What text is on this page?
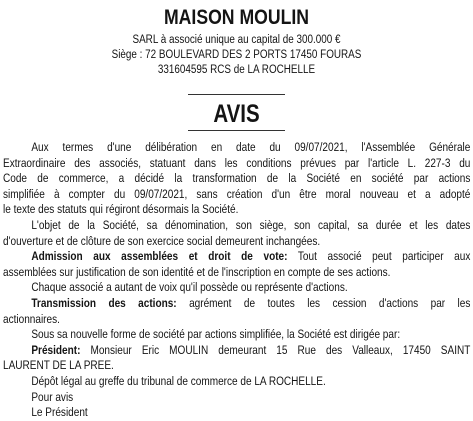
MAISON MOULIN
SARL à associé unique au capital de 300.000 €
Siège : 72 BOULEVARD DES 2 PORTS 17450 FOURAS
331604595 RCS de LA ROCHELLE
AVIS
Aux termes d'une délibération en date du 09/07/2021, l'Assemblée Générale
Extraordinaire des associés, statuant dans les conditions prévues par l'article L. 227-3 du
Code de commerce, a décidé la transformation de la Société en société par actions
simplifiée à compter du 09/07/2021, sans création d'un être moral nouveau et a adopté
le texte des statuts qui régiront désormais la Société.
L'objet de la Société, sa dénomination, son siège, son capital, sa durée et les dates
d'ouverture et de clôture de son exercice social demeurent inchangées.
Admission aux assemblées et droit de vote: Tout associé peut participer aux
assemblées sur justification de son identité et de l'inscription en compte de ses actions.
Chaque associé a autant de voix qu'il possède ou représente d'actions.
Transmission des actions: agrément de toutes les cession d'actions par les
actionnaires.
Sous sa nouvelle forme de société par actions simplifiée, la Société est dirigée par:
Président: Monsieur Eric MOULIN demeurant 15 Rue des Valleaux, 17450 SAINT
LAURENT DE LA PREE.
Dépôt légal au greffe du tribunal de commerce de LA ROCHELLE.
Pour avis
Le Président
